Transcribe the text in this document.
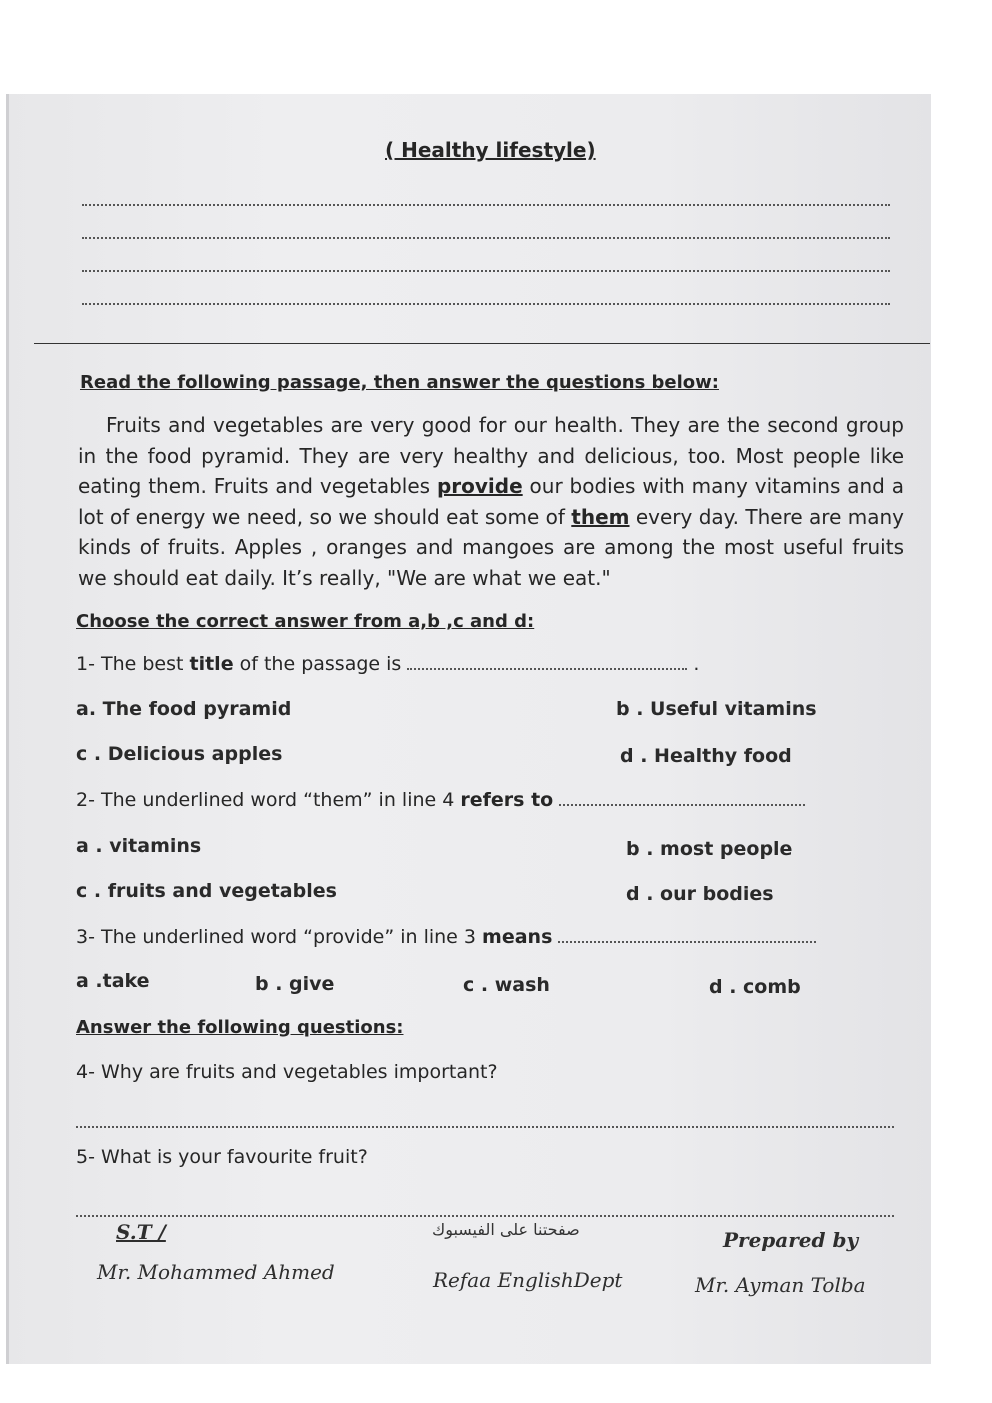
( Healthy lifestyle)
Read the following passage, then answer the questions below:

Fruits and vegetables are very good for our health. They are the second group in the food pyramid. They are very healthy and delicious, too. Most people like eating them. Fruits and vegetables provide our bodies with many vitamins and a lot of energy we need, so we should eat some of them every day. There are many kinds of fruits. Apples , oranges and mangoes are among the most useful fruits we should eat daily. It’s really, "We are what we eat."

Choose the correct answer from a,b ,c and d:
1- The best title of the passage is	.
a. The food pyramid	b . Useful vitamins
c . Delicious apples	d . Healthy food
2- The underlined word “them” in line 4 refers to
a . vitamins	b . most people
c . fruits and vegetables	d . our bodies
3- The underlined word “provide” in line 3 means
a .take	b . give	c . wash	d . comb
Answer the following questions:
4- Why are fruits and vegetables important?
5- What is your favourite fruit?
S.T /
Mr. Mohammed Ahmed
صفحتنا على الفيسبوك
Refaa EnglishDept
Prepared by
Mr. Ayman Tolba
